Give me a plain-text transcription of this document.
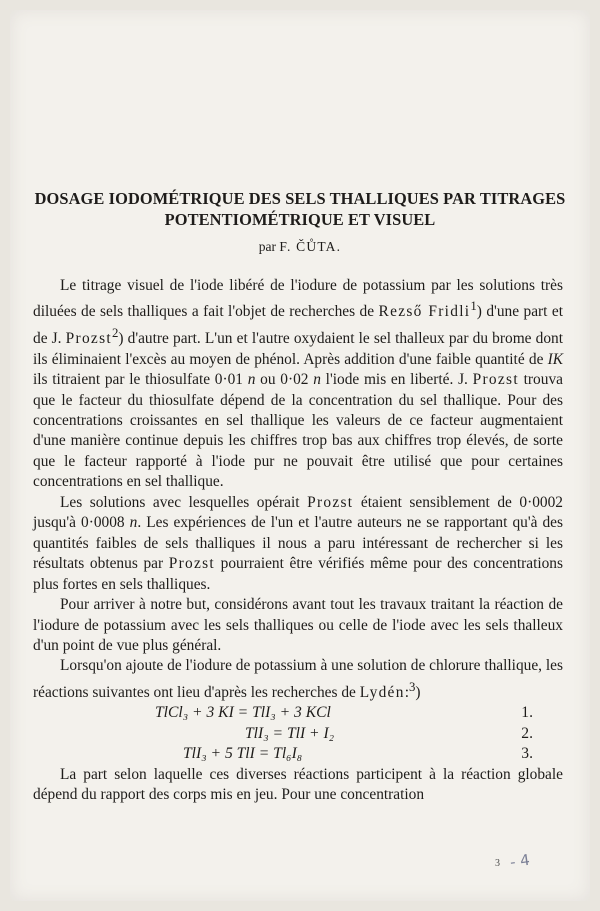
DOSAGE IODOMÉTRIQUE DES SELS THALLIQUES PAR TITRAGES
POTENTIOMÉTRIQUE ET VISUEL
par F. ČŮTA.

Le titrage visuel de l'iode libéré de l'iodure de potassium par les solutions très diluées de sels thalliques a fait l'objet de recherches de Rezső Fridli$^1$) d'une part et de J. Prozst$^2$) d'autre part. L'un et l'autre oxydaient le sel thalleux par du brome dont ils éliminaient l'excès au moyen de phénol. Après addition d'une faible quantité de IK ils titraient par le thiosulfate 0·01 n ou 0·02 n l'iode mis en liberté. J. Prozst trouva que le facteur du thiosulfate dépend de la concentration du sel thallique. Pour des concentrations croissantes en sel thallique les valeurs de ce facteur augmentaient d'une manière continue depuis les chiffres trop bas aux chiffres trop élevés, de sorte que le facteur rapporté à l'iode pur ne pouvait être utilisé que pour certaines concentrations en sel thallique.

Les solutions avec lesquelles opérait Prozst étaient sensiblement de 0·0002 jusqu'à 0·0008 n. Les expériences de l'un et l'autre auteurs ne se rapportant qu'à des quantités faibles de sels thalliques il nous a paru intéressant de rechercher si les résultats obtenus par Prozst pourraient être vérifiés même pour des concentrations plus fortes en sels thalliques.

Pour arriver à notre but, considérons avant tout les travaux traitant la réaction de l'iodure de potassium avec les sels thalliques ou celle de l'iode avec les sels thalleux d'un point de vue plus général.

Lorsqu'on ajoute de l'iodure de potassium à une solution de chlorure thallique, les réactions suivantes ont lieu d'après les recherches de Lydén:$^3$)

TlCl₃ + 3 KI = TlI₃ + 3 KCl	1.
TlI₃ = TlI + I₂	2.
TlI₃ + 5 TlI = Tl₆I₈	3.

La part selon laquelle ces diverses réactions participent à la réaction globale dépend du rapport des corps mis en jeu. Pour une concentration

3 - 4
